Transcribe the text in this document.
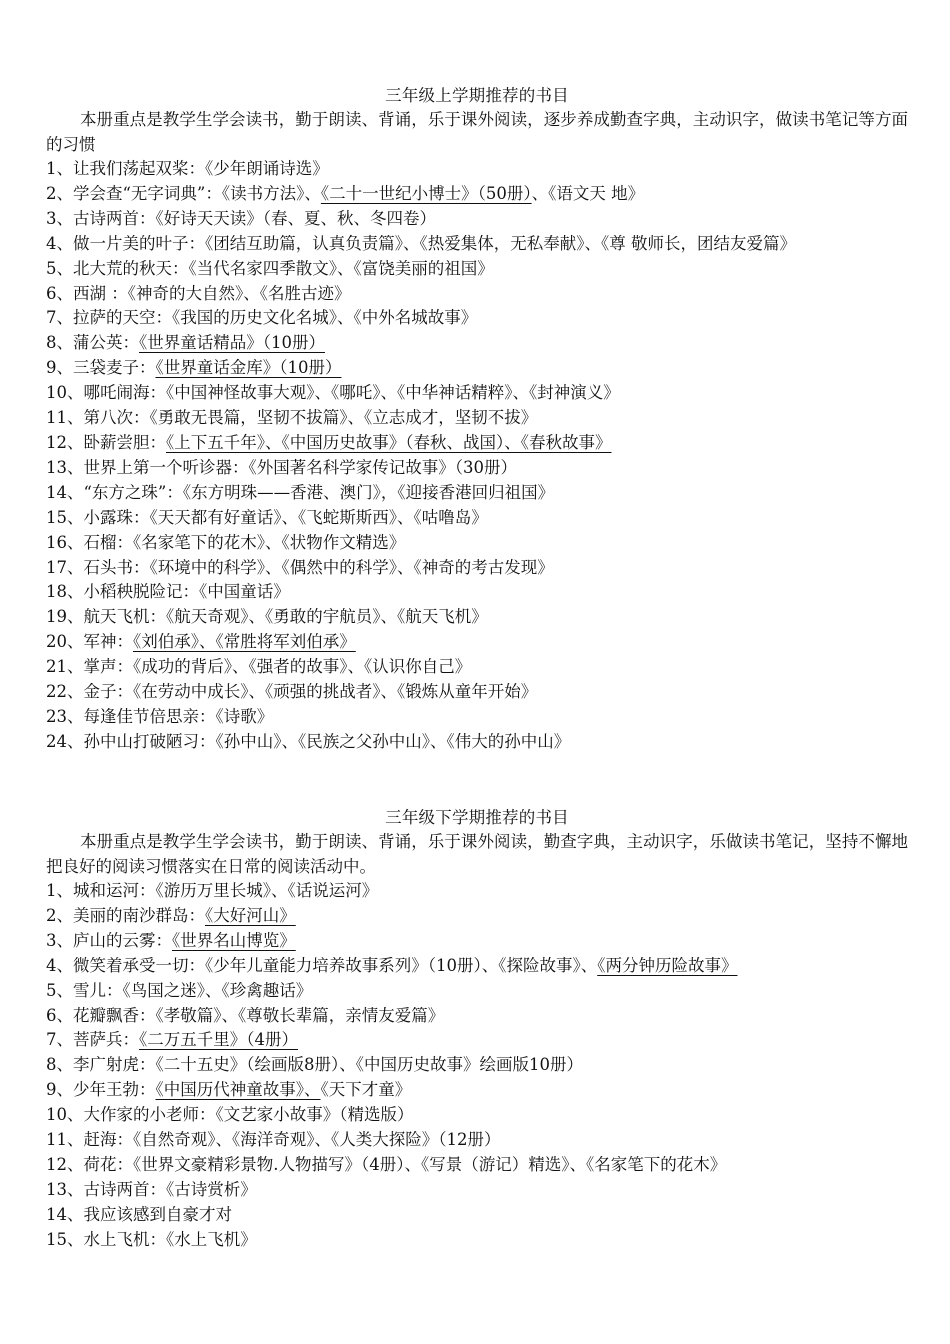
三年级上学期推荐的书目

本册重点是教学生学会读书，勤于朗读、背诵，乐于课外阅读，逐步养成勤查字典，主动识字，做读书笔记等方面的习惯

1、让我们荡起双桨：《少年朗诵诗选》
2、学会查“无字词典”：《读书方法》、《二十一世纪小博士》（50册）、《语文天 地》
3、古诗两首：《好诗天天读》（春、夏、秋、冬四卷）
4、做一片美的叶子：《团结互助篇，认真负责篇》、《热爱集体，无私奉献》、《尊 敬师长，团结友爱篇》
5、北大荒的秋天：《当代名家四季散文》、《富饶美丽的祖国》
6、西湖 ：《神奇的大自然》、《名胜古迹》
7、拉萨的天空：《我国的历史文化名城》、《中外名城故事》
8、蒲公英：《世界童话精品》（10册）
9、三袋麦子：《世界童话金库》（10册）
10、哪吒闹海：《中国神怪故事大观》、《哪吒》、《中华神话精粹》、《封神演义》
11、第八次：《勇敢无畏篇，坚韧不拔篇》、《立志成才，坚韧不拔》
12、卧薪尝胆：《上下五千年》、《中国历史故事》（春秋、战国）、《春秋故事》
13、世界上第一个听诊器：《外国著名科学家传记故事》（30册）
14、“东方之珠”：《东方明珠——香港、澳门》，《迎接香港回归祖国》
15、小露珠：《天天都有好童话》、《飞蛇斯斯西》、《咕噜岛》
16、石榴：《名家笔下的花木》、《状物作文精选》
17、石头书：《环境中的科学》、《偶然中的科学》、《神奇的考古发现》
18、小稻秧脱险记：《中国童话》
19、航天飞机：《航天奇观》、《勇敢的宇航员》、《航天飞机》
20、军神：《刘伯承》、《常胜将军刘伯承》
21、掌声：《成功的背后》、《强者的故事》、《认识你自己》
22、金子：《在劳动中成长》、《顽强的挑战者》、《锻炼从童年开始》
23、每逢佳节倍思亲：《诗歌》
24、孙中山打破陋习：《孙中山》、《民族之父孙中山》、《伟大的孙中山》
三年级下学期推荐的书目

本册重点是教学生学会读书，勤于朗读、背诵，乐于课外阅读，勤查字典，主动识字，乐做读书笔记，坚持不懈地把良好的阅读习惯落实在日常的阅读活动中。

1、城和运河：《游历万里长城》、《话说运河》
2、美丽的南沙群岛：《大好河山》
3、庐山的云雾：《世界名山博览》
4、微笑着承受一切：《少年儿童能力培养故事系列》（10册）、《探险故事》、《两分钟历险故事》
5、雪儿：《鸟国之迷》、《珍禽趣话》
6、花瓣飘香：《孝敬篇》、《尊敬长辈篇，亲情友爱篇》
7、菩萨兵：《二万五千里》（4册）
8、李广射虎：《二十五史》（绘画版8册）、《中国历史故事》绘画版10册）
9、少年王勃：《中国历代神童故事》、《天下才童》
10、大作家的小老师：《文艺家小故事》（精选版）
11、赶海：《自然奇观》、《海洋奇观》、《人类大探险》（12册）
12、荷花：《世界文豪精彩景物.人物描写》（4册）、《写景（游记）精选》、《名家笔下的花木》
13、古诗两首：《古诗赏析》
14、我应该感到自豪才对
15、水上飞机：《水上飞机》
